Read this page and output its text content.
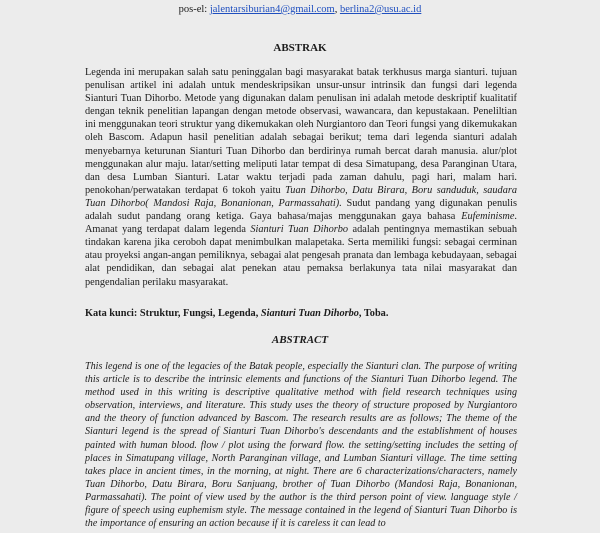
pos-el: jalentarsiburian4@gmail.com, berlina2@usu.ac.id
ABSTRAK

Legenda ini merupakan salah satu peninggalan bagi masyarakat batak terkhusus marga sianturi. tujuan penulisan artikel ini adalah untuk mendeskripsikan unsur-unsur intrinsik dan fungsi dari legenda Sianturi Tuan Dihorbo. Metode yang digunakan dalam penulisan ini adalah metode deskriptif kualitatif dengan teknik penelitian lapangan dengan metode observasi, wawancara, dan kepustakaan. Peneliltian ini menggunakan teori struktur yang dikemukakan oleh Nurgiantoro dan Teori fungsi yang dikemukakan oleh Bascom. Adapun hasil penelitian adalah sebagai berikut; tema dari legenda sianturi adalah menyebarnya keturunan Sianturi Tuan Dihorbo dan berdirinya rumah bercat darah manusia. alur/plot menggunakan alur maju. latar/setting meliputi latar tempat di desa Simatupang, desa Paranginan Utara, dan desa Lumban Sianturi. Latar waktu terjadi pada zaman dahulu, pagi hari, malam hari. penokohan/perwatakan terdapat 6 tokoh yaitu Tuan Dihorbo, Datu Birara, Boru sanduduk, saudara Tuan Dihorbo( Mandosi Raja, Bonanionan, Parmassahati). Sudut pandang yang digunakan penulis adalah sudut pandang orang ketiga. Gaya bahasa/majas menggunakan gaya bahasa Eufeminisme. Amanat yang terdapat dalam legenda Sianturi Tuan Dihorbo adalah pentingnya memastikan sebuah tindakan karena jika ceroboh dapat menimbulkan malapetaka. Serta memiliki fungsi: sebagai cerminan atau proyeksi angan-angan pemiliknya, sebagai alat pengesah pranata dan lembaga kebudayaan, sebagai alat pendidikan, dan sebagai alat penekan atau pemaksa berlakunya tata nilai masyarakat dan pengendalian perilaku masyarakat.

Kata kunci: Struktur, Fungsi, Legenda, Sianturi Tuan Dihorbo, Toba.

ABSTRACT

This legend is one of the legacies of the Batak people, especially the Sianturi clan. The purpose of writing this article is to describe the intrinsic elements and functions of the Sianturi Tuan Dihorbo legend. The method used in this writing is descriptive qualitative method with field research techniques using observation, interviews, and literature. This study uses the theory of structure proposed by Nurgiantoro and the theory of function advanced by Bascom. The research results are as follows; The theme of the Sianturi legend is the spread of Sianturi Tuan Dihorbo's descendants and the establishment of houses painted with human blood. flow / plot using the forward flow. the setting/setting includes the setting of places in Simatupang village, North Paranginan village, and Lumban Sianturi village. The time setting takes place in ancient times, in the morning, at night. There are 6 characterizations/characters, namely Tuan Dihorbo, Datu Birara, Boru Sanjuang, brother of Tuan Dihorbo (Mandosi Raja, Bonanionan, Parmassahati). The point of view used by the author is the third person point of view. language style / figure of speech using euphemism style. The message contained in the legend of Sianturi Tuan Dihorbo is the importance of ensuring an action because if it is careless it can lead to
